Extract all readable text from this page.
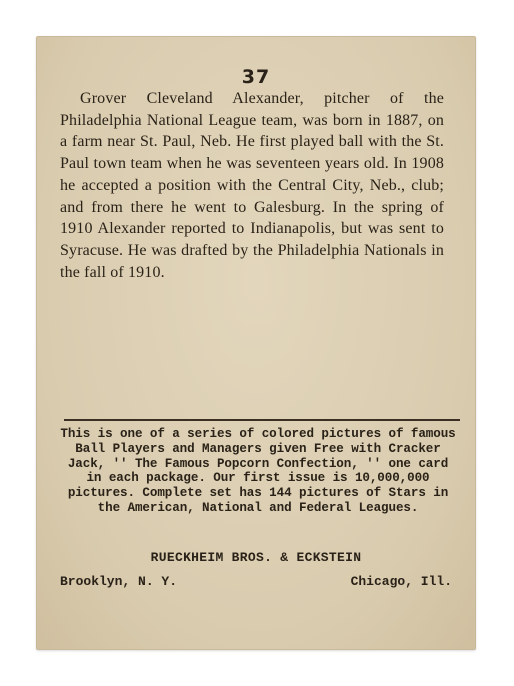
37

Grover Cleveland Alexander, pitcher of the Philadelphia National League team, was born in 1887, on a farm near St. Paul, Neb. He first played ball with the St. Paul town team when he was seventeen years old. In 1908 he accepted a position with the Central City, Neb., club; and from there he went to Galesburg. In the spring of 1910 Alexander reported to Indianapolis, but was sent to Syracuse. He was drafted by the Philadelphia Nationals in the fall of 1910.

This is one of a series of colored pictures of famous Ball Players and Managers given Free with Cracker Jack, '' The Famous Popcorn Confection, '' one card in each package. Our first issue is 10,000,000 pictures. Complete set has 144 pictures of Stars in the American, National and Federal Leagues.

RUECKHEIM BROS. & ECKSTEIN
Brooklyn, N. Y.	Chicago, Ill.
